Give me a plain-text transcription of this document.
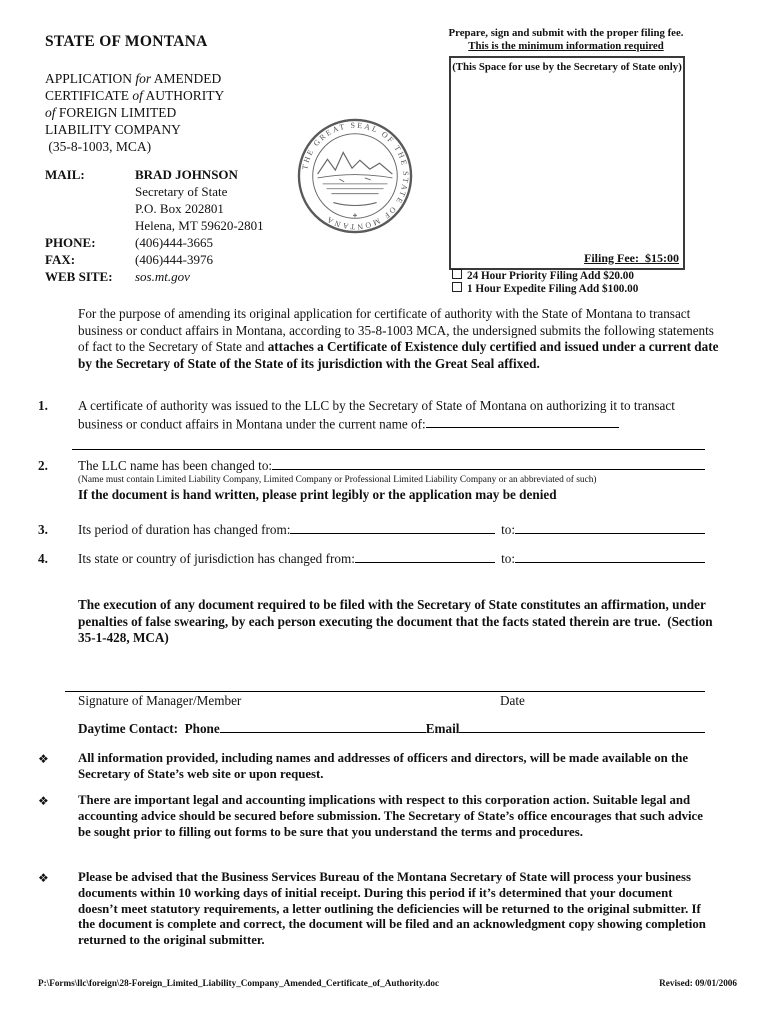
STATE OF MONTANA
APPLICATION for AMENDED
CERTIFICATE of AUTHORITY
of FOREIGN LIMITED
LIABILITY COMPANY
(35-8-1003, MCA)
MAIL:	BRAD JOHNSON
Secretary of State
P.O. Box 202801
Helena, MT 59620-2801
PHONE:	(406)444-3665
FAX:	(406)444-3976
WEB SITE:	sos.mt.gov
THE GREAT SEAL OF THE STATE OF MONTANA
Prepare, sign and submit with the proper filing fee.
This is the minimum information required
(This Space for use by the Secretary of State only)
Filing Fee:  $15:00
24 Hour Priority Filing Add $20.00
1 Hour Expedite Filing Add $100.00
For the purpose of amending its original application for certificate of authority with the State of Montana to transact business or conduct affairs in Montana, according to 35-8-1003 MCA, the undersigned submits the following statements of fact to the Secretary of State and attaches a Certificate of Existence duly certified and issued under a current date by the Secretary of State of the State of its jurisdiction with the Great Seal affixed.
1.	A certificate of authority was issued to the LLC by the Secretary of State of Montana on authorizing it to transact business or conduct affairs in Montana under the current name of:
2.	The LLC name has been changed to:
(Name must contain Limited Liability Company, Limited Company or Professional Limited Liability Company or an abbreviated of such)
If the document is hand written, please print legibly or the application may be denied
3.	Its period of duration has changed from:	to:
4.	Its state or country of jurisdiction has changed from:	to:
The execution of any document required to be filed with the Secretary of State constitutes an affirmation, under penalties of false swearing, by each person executing the document that the facts stated therein are true.  (Section 35-1-428, MCA)
Signature of Manager/Member	Date
Daytime Contact:  Phone	Email
❖	All information provided, including names and addresses of officers and directors, will be made available on the Secretary of State’s web site or upon request.
❖	There are important legal and accounting implications with respect to this corporation action. Suitable legal and accounting advice should be secured before submission. The Secretary of State’s office encourages that such advice be sought prior to filling out forms to be sure that you understand the terms and procedures.
❖	Please be advised that the Business Services Bureau of the Montana Secretary of State will process your business documents within 10 working days of initial receipt. During this period if it’s determined that your document doesn’t meet statutory requirements, a letter outlining the deficiencies will be returned to the original submitter. If the document is complete and correct, the document will be filed and an acknowledgment copy showing completion returned to the original submitter.
P:\Forms\llc\foreign\28-Foreign_Limited_Liability_Company_Amended_Certificate_of_Authority.doc	Revised: 09/01/2006
